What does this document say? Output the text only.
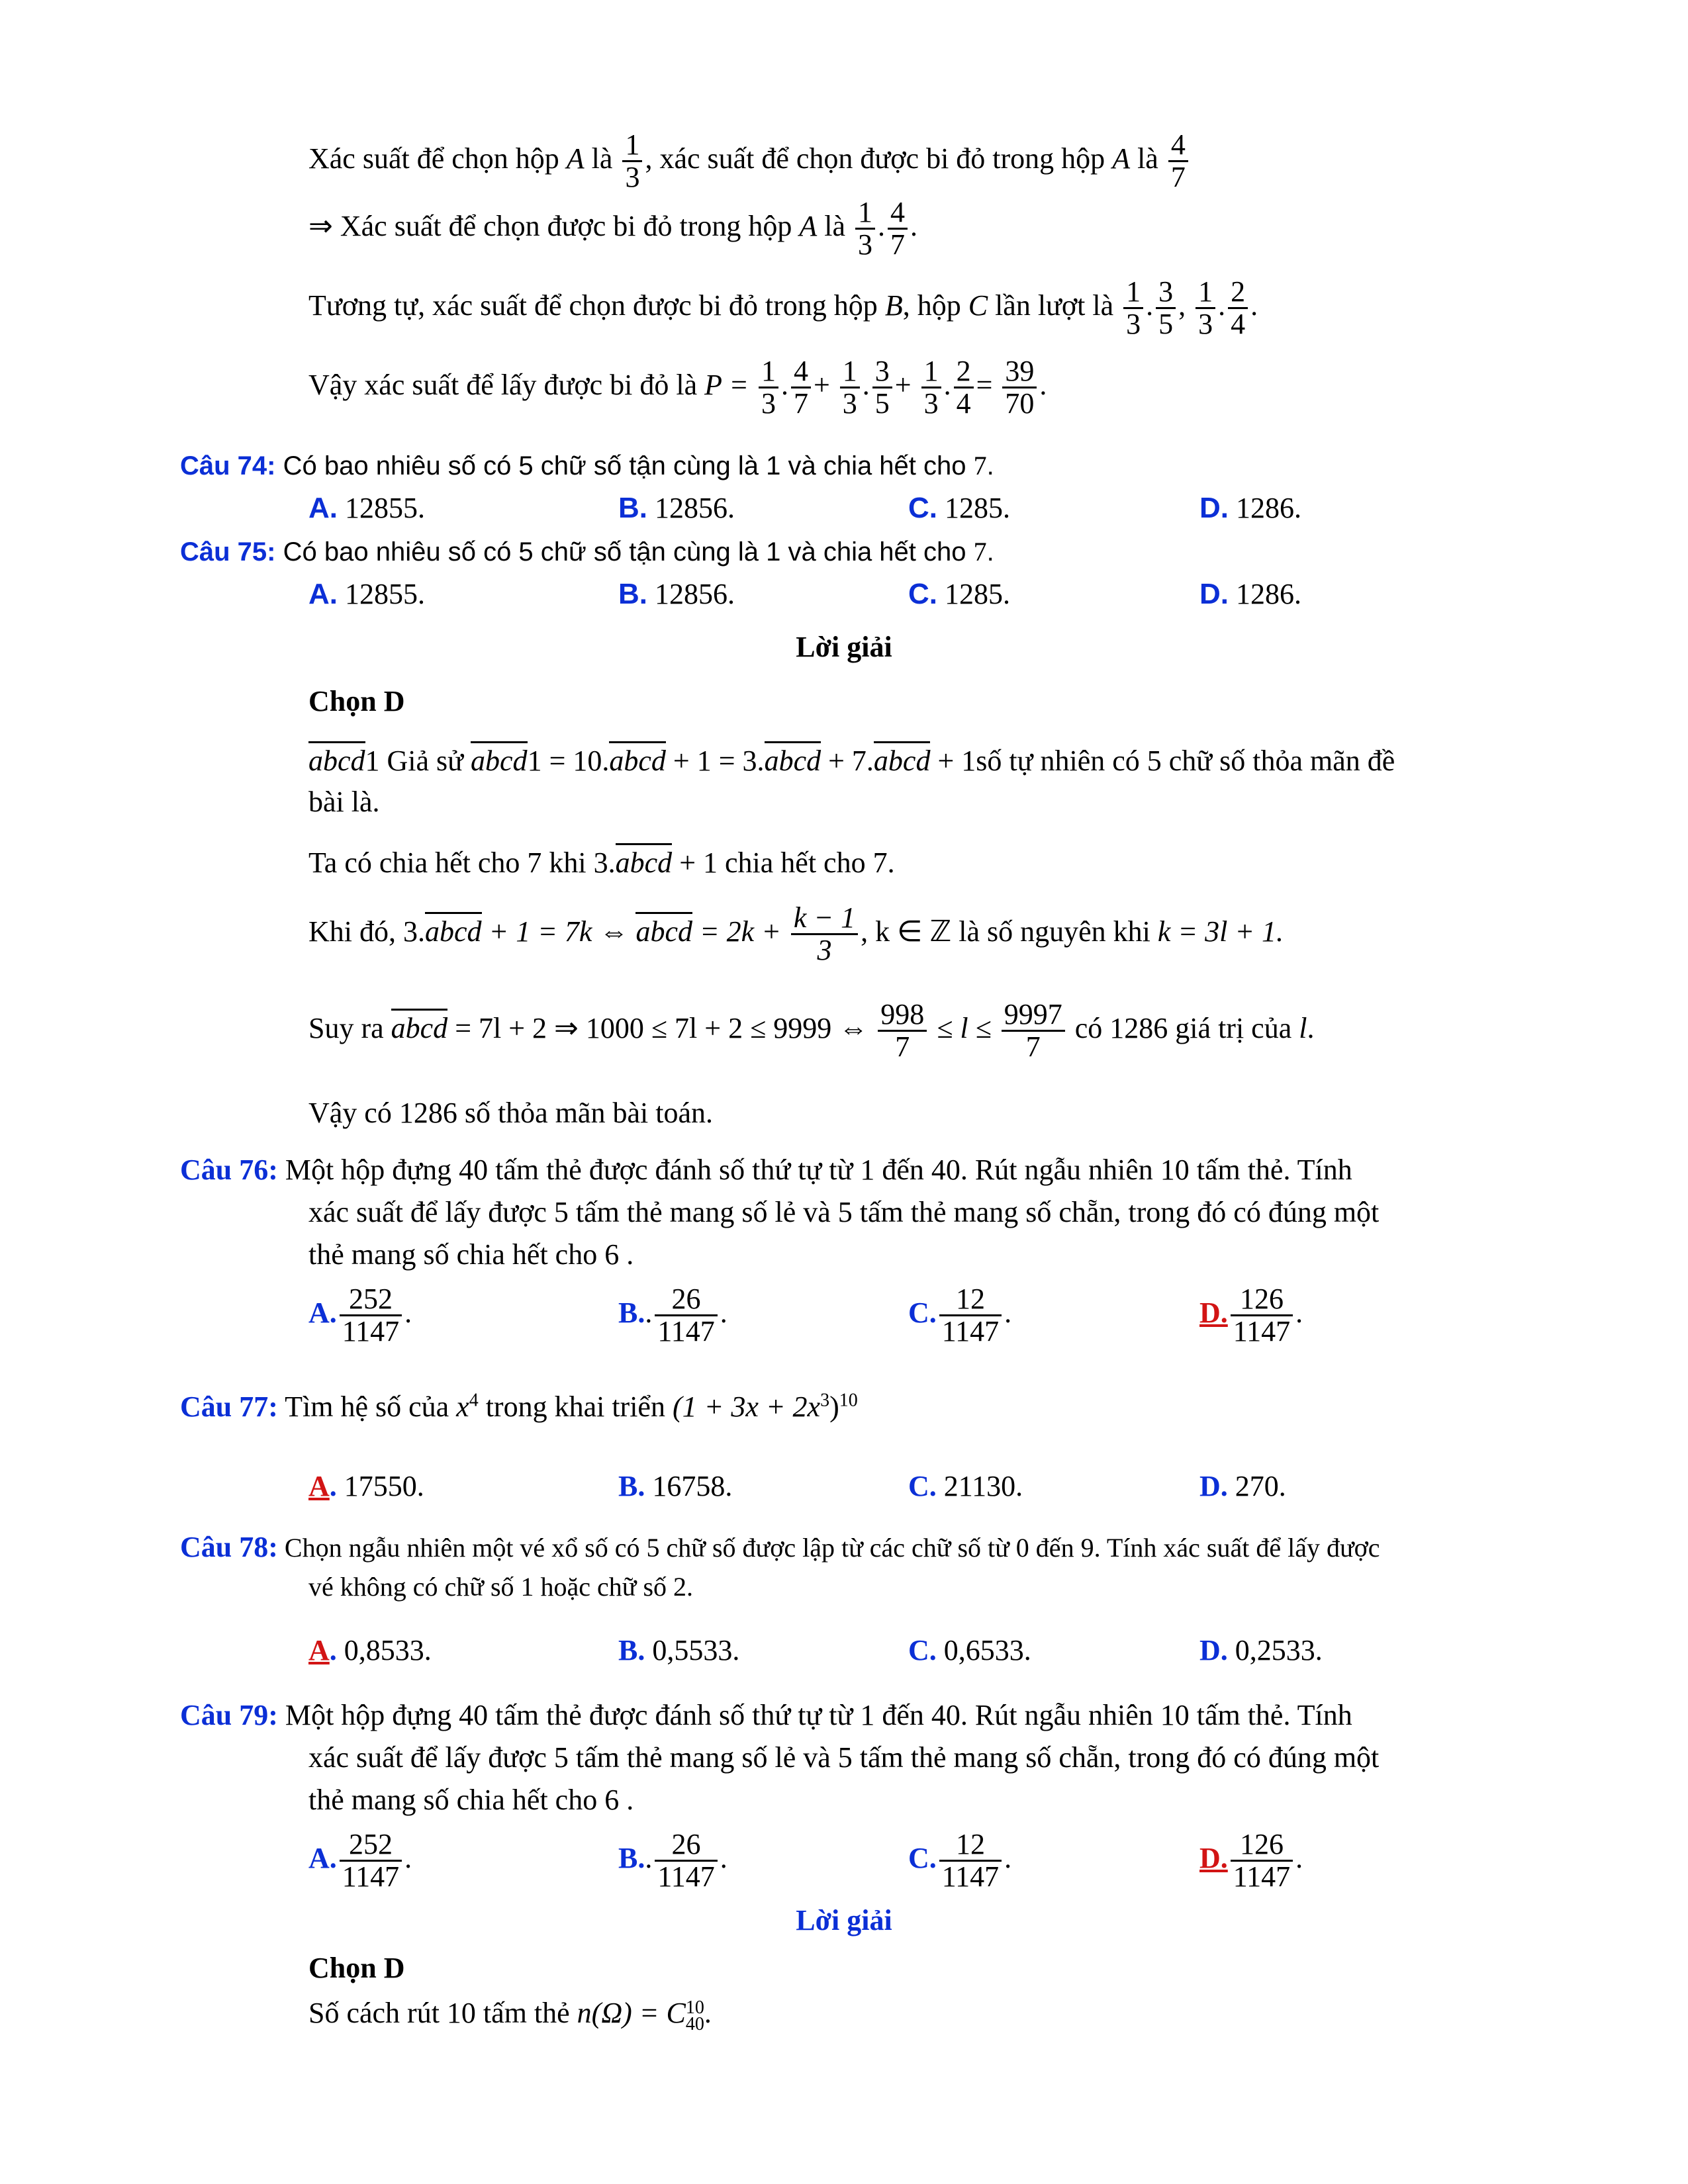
Xác suất để chọn hộp A là $\frac{1}{3}$ , xác suất để chọn được bi đỏ trong hộp A là $\frac{4}{7}$
⇒ Xác suất để chọn được bi đỏ trong hộp A là $\frac{1}{3}$ . $\frac{4}{7}$ .
Tương tự, xác suất để chọn được bi đỏ trong hộp B, hộp C lần lượt là $\frac{1}{3}$ . $\frac{3}{5}$ , $\frac{1}{3}$ . $\frac{2}{4}$ .
Vậy xác suất để lấy được bi đỏ là $P = \frac{1}{3}$ . $\frac{4}{7} + \frac{1}{3}$ . $\frac{3}{5} + \frac{1}{3}$ . $\frac{2}{4} = \frac{39}{70}$ .
Câu 74: Có bao nhiêu số có 5 chữ số tận cùng là 1 và chia hết cho 7.
A. 12855.	B. 12856.	C. 1285.	D. 1286.
Câu 75: Có bao nhiêu số có 5 chữ số tận cùng là 1 và chia hết cho 7.
A. 12855.	B. 12856.	C. 1285.	D. 1286.
Lời giải
Chọn D
abcd1 Giả sử abcd1 = 10.abcd + 1 = 3.abcd + 7.abcd + 1số tự nhiên có 5 chữ số thỏa mãn đề
bài là.
Ta có chia hết cho 7 khi 3.abcd + 1 chia hết cho 7.
Khi đó, 3.abcd + 1 = 7k ⇔ abcd = $2k + \frac{k - 1}{3}$ , k ∈ ℤ là số nguyên khi k = 3l + 1.
Suy ra abcd = 7l + 2 ⇒ 1000 ≤ 7l + 2 ≤ 9999 ⇔ $\frac{998}{7} \le l \le \frac{9997}{7}$ có 1286 giá trị của l.
Vậy có 1286 số thỏa mãn bài toán.
Câu 76: Một hộp đựng 40 tấm thẻ được đánh số thứ tự từ 1 đến 40. Rút ngẫu nhiên 10 tấm thẻ. Tính
xác suất để lấy được 5 tấm thẻ mang số lẻ và 5 tấm thẻ mang số chẵn, trong đó có đúng một
thẻ mang số chia hết cho 6 .
A. $\frac{252}{1147}$ .	B.. $\frac{26}{1147}$ .	C. $\frac{12}{1147}$ .	D. $\frac{126}{1147}$ .
Câu 77: Tìm hệ số của $x^4$ trong khai triển $(1 + 3x + 2x^3)^{10}$
A. 17550.	B. 16758.	C. 21130.	D. 270.
Câu 78: Chọn ngẫu nhiên một vé xổ số có 5 chữ số được lập từ các chữ số từ 0 đến 9. Tính xác suất để lấy được
vé không có chữ số 1 hoặc chữ số 2.
A. 0,8533.	B. 0,5533.	C. 0,6533.	D. 0,2533.
Câu 79: Một hộp đựng 40 tấm thẻ được đánh số thứ tự từ 1 đến 40. Rút ngẫu nhiên 10 tấm thẻ. Tính
xác suất để lấy được 5 tấm thẻ mang số lẻ và 5 tấm thẻ mang số chẵn, trong đó có đúng một
thẻ mang số chia hết cho 6 .
A. $\frac{252}{1147}$ .	B.. $\frac{26}{1147}$ .	C. $\frac{12}{1147}$ .	D. $\frac{126}{1147}$ .
Lời giải
Chọn D
Số cách rút 10 tấm thẻ n(Ω) = C 10
40 .
